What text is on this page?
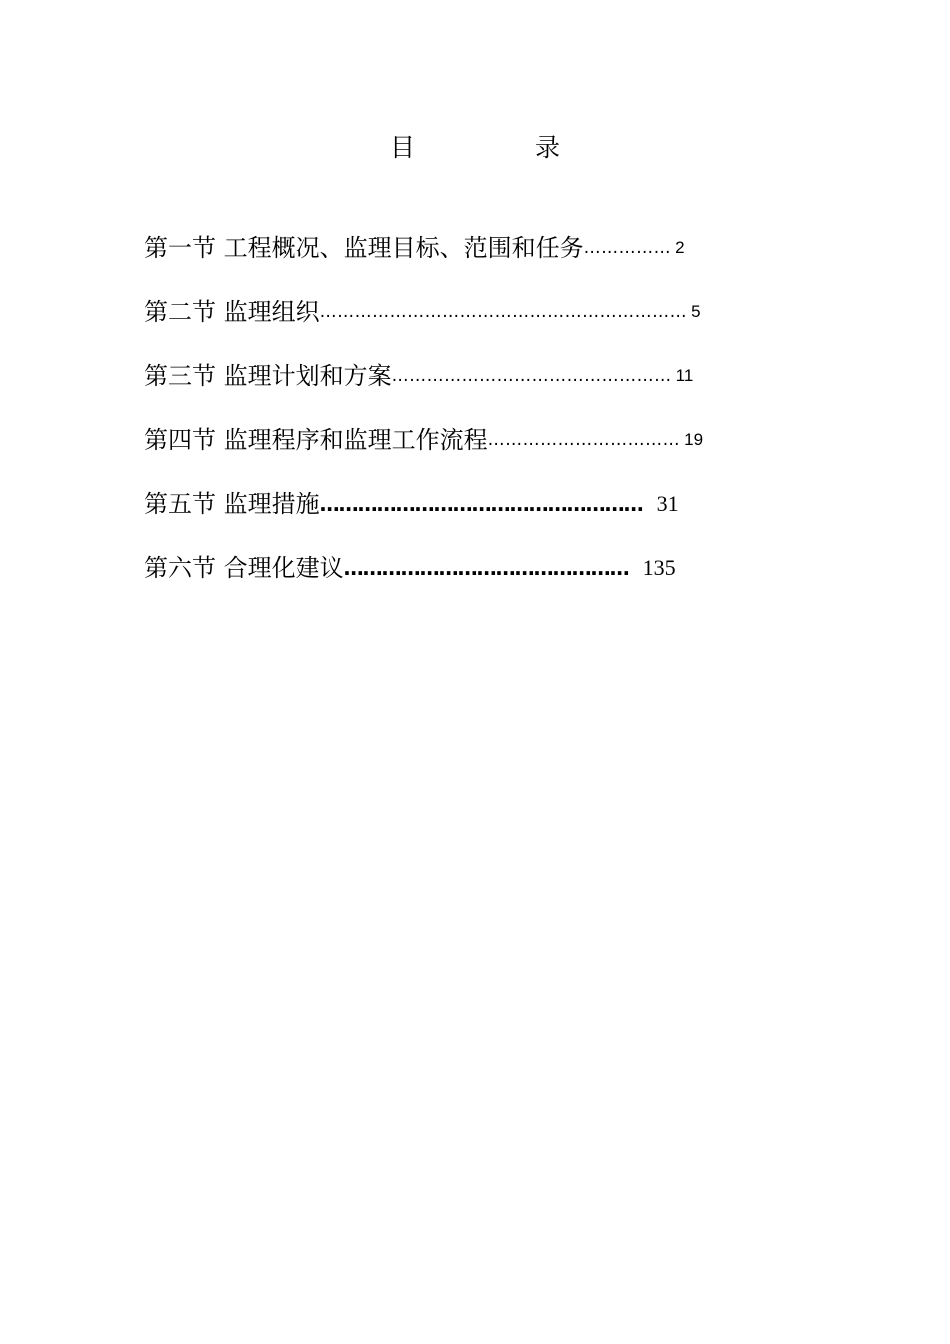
目 录
第一节 工程概况、监理目标、范围和任务 …………… 2
第二节 监理组织 ……………………………………………………… 5
第三节 监理计划和方案 ………………………………………… 11
第四节 监理程序和监理工作流程 …………………………… 19
第五节 监理措施 …………………………………………… 31
第六节 合理化建议 ……………………………………… 135
